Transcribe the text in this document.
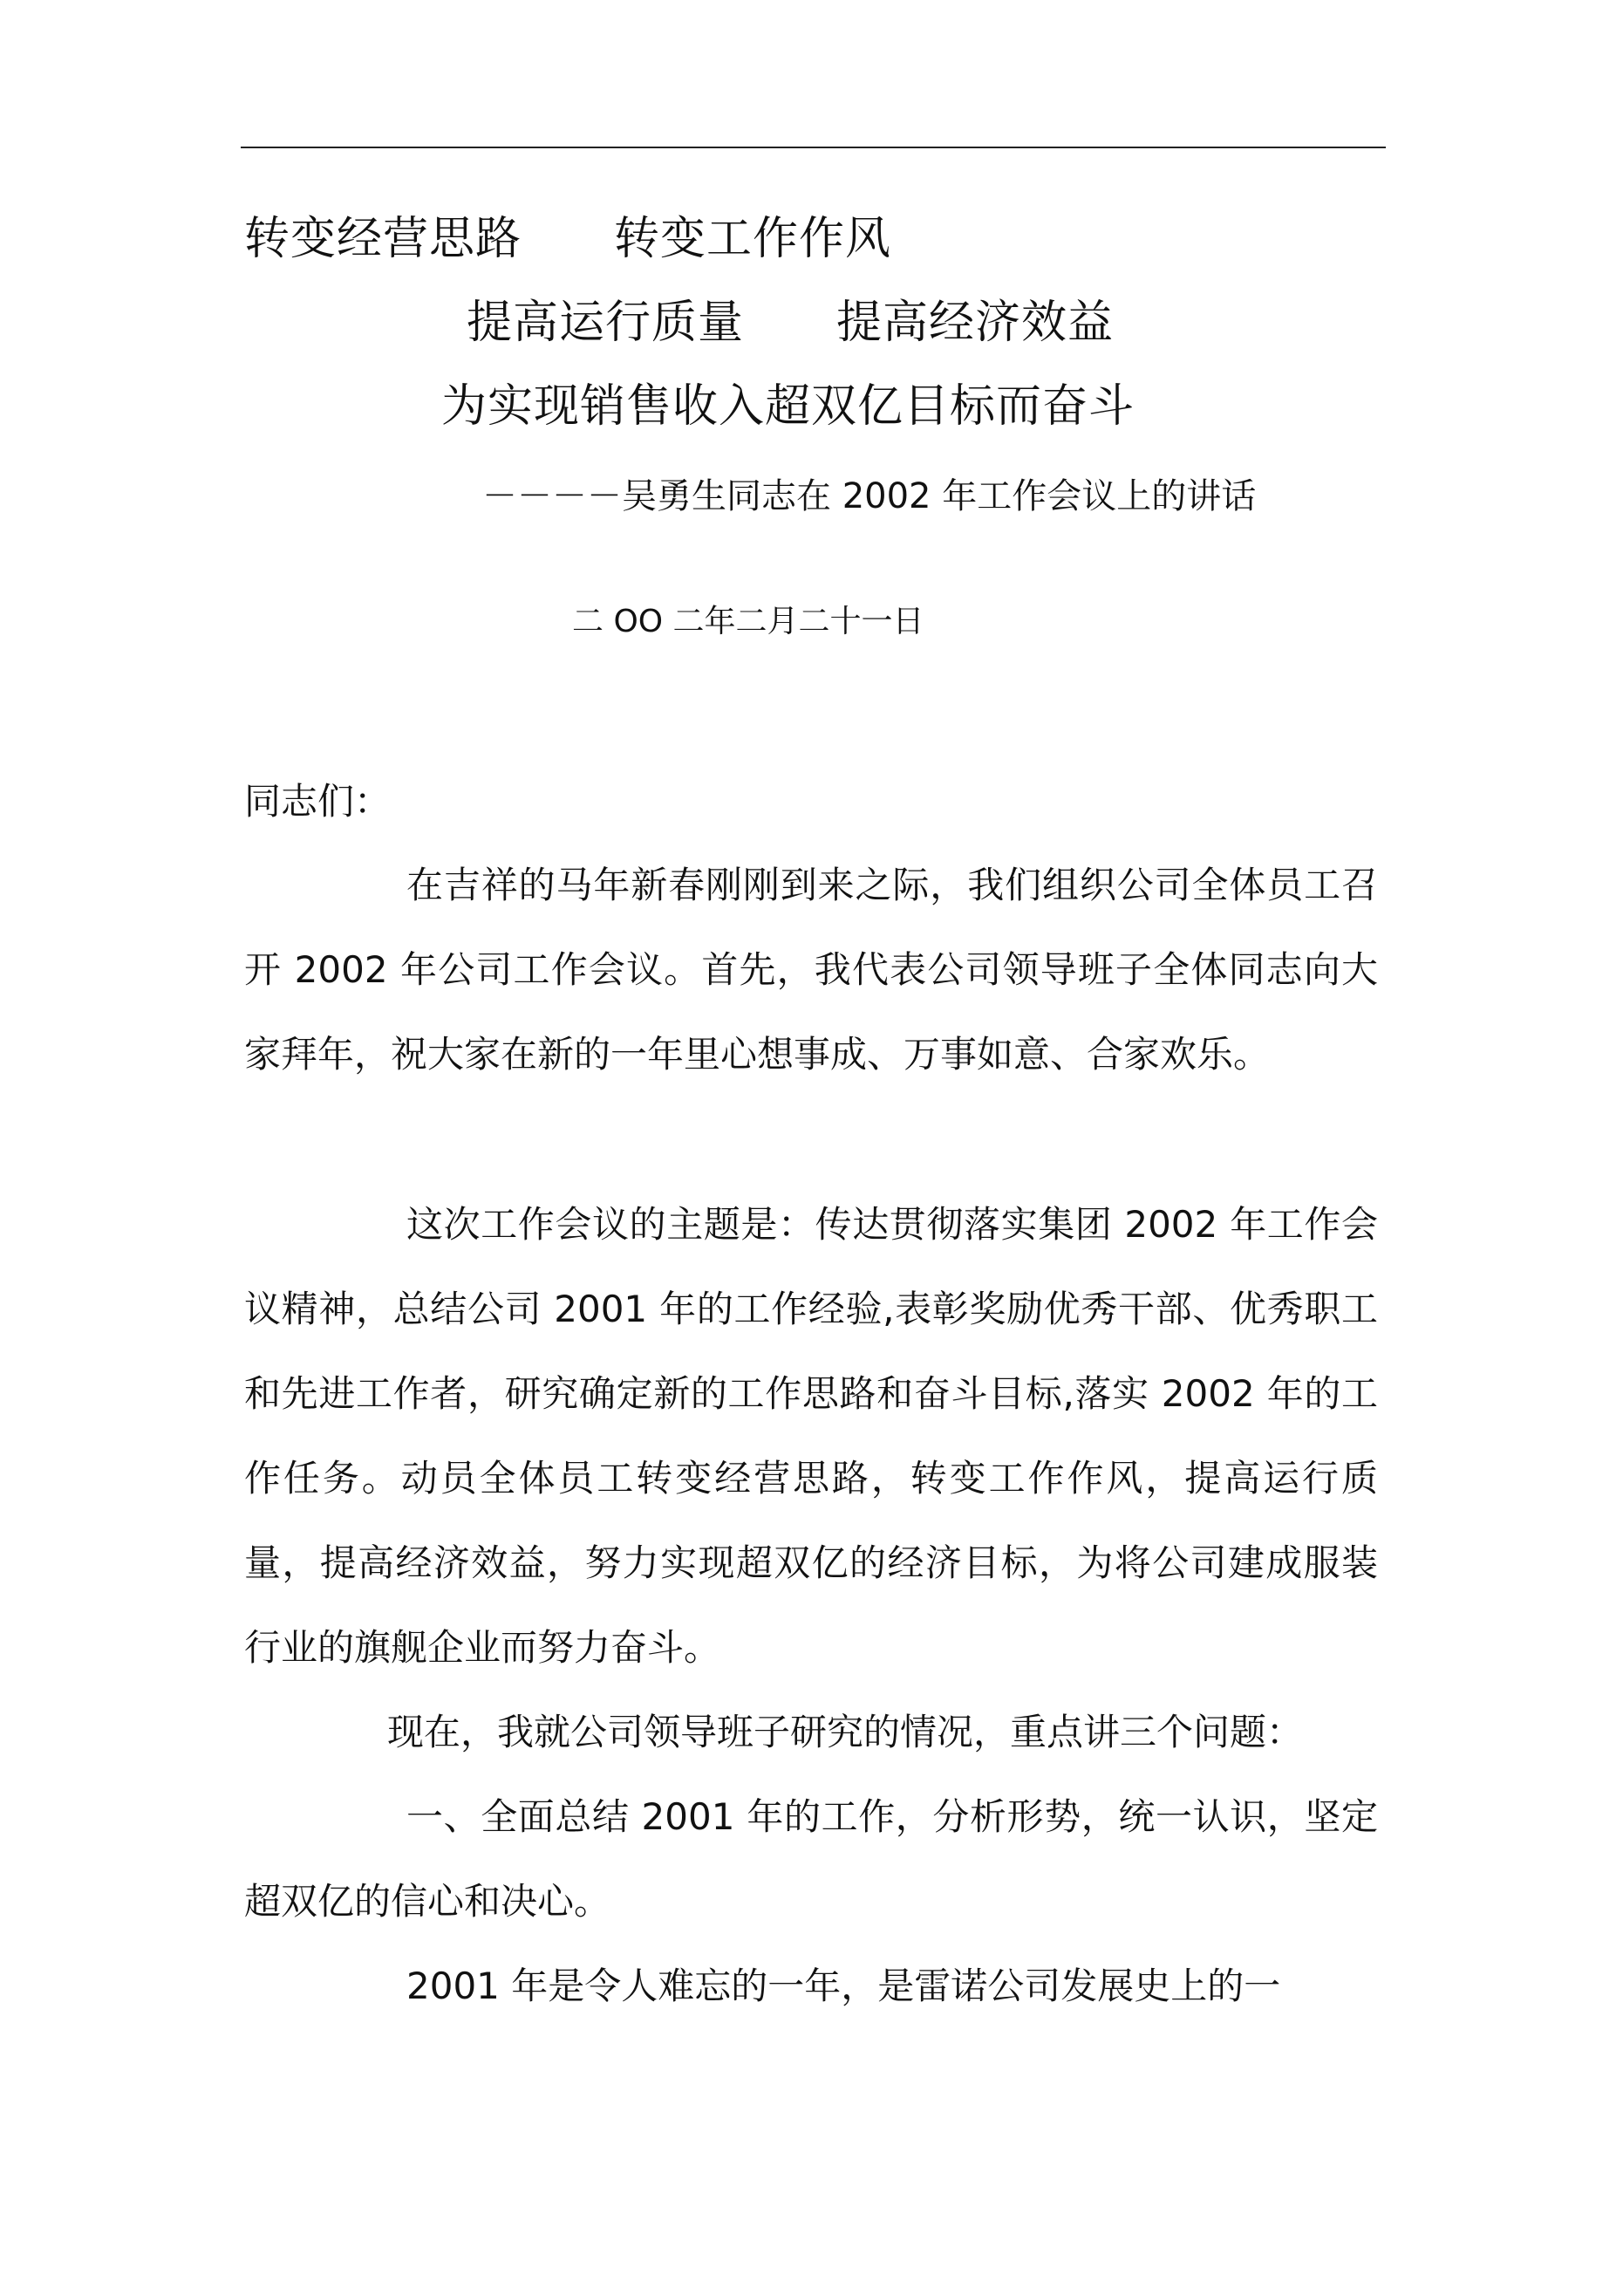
转变经营思路　　转变工作作风
提高运行质量　　提高经济效益
为实现销售收入超双亿目标而奋斗
－－－－吴勇生同志在 2002 年工作会议上的讲话
二 OO 二年二月二十一日
同志们：
在吉祥的马年新春刚刚到来之际，我们组织公司全体员工召开 2002 年公司工作会议。首先，我代表公司领导班子全体同志向大家拜年，祝大家在新的一年里心想事成、万事如意、合家欢乐。
这次工作会议的主题是：传达贯彻落实集团 2002 年工作会议精神，总结公司 2001 年的工作经验,表彰奖励优秀干部、优秀职工和先进工作者，研究确定新的工作思路和奋斗目标,落实 2002 年的工作任务。动员全体员工转变经营思路，转变工作作风，提高运行质量，提高经济效益，努力实现超双亿的经济目标，为将公司建成服装行业的旗舰企业而努力奋斗。
现在，我就公司领导班子研究的情况，重点讲三个问题：
一、全面总结 2001 年的工作，分析形势，统一认识，坚定超双亿的信心和决心。
2001 年是令人难忘的一年，是雷诺公司发展史上的一
